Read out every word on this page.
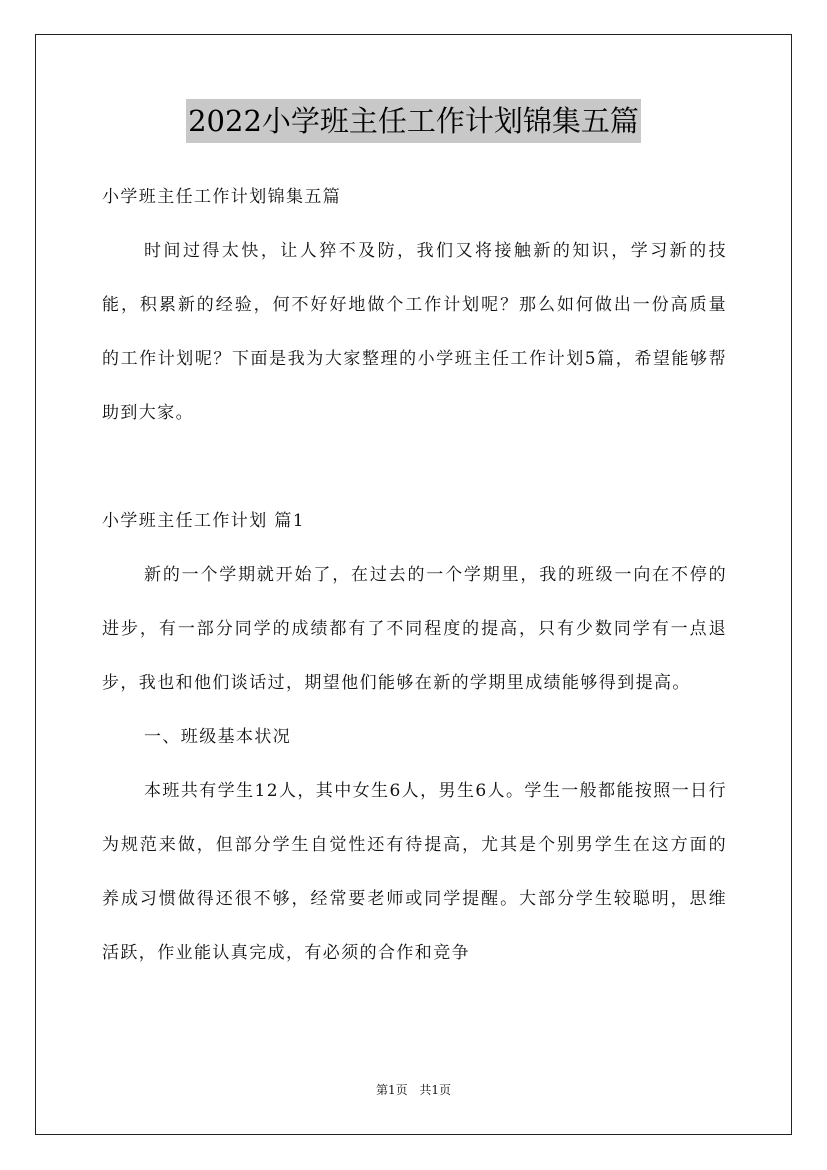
2022小学班主任工作计划锦集五篇

小学班主任工作计划锦集五篇

时间过得太快，让人猝不及防，我们又将接触新的知识，学习新的技能，积累新的经验，何不好好地做个工作计划呢？那么如何做出一份高质量的工作计划呢？下面是我为大家整理的小学班主任工作计划5篇，希望能够帮助到大家。

小学班主任工作计划 篇1

新的一个学期就开始了，在过去的一个学期里，我的班级一向在不停的进步，有一部分同学的成绩都有了不同程度的提高，只有少数同学有一点退步，我也和他们谈话过，期望他们能够在新的学期里成绩能够得到提高。

一、班级基本状况

本班共有学生12人，其中女生6人，男生6人。学生一般都能按照一日行为规范来做，但部分学生自觉性还有待提高，尤其是个别男学生在这方面的养成习惯做得还很不够，经常要老师或同学提醒。大部分学生较聪明，思维活跃，作业能认真完成，有必须的合作和竞争

第1页 共1页
